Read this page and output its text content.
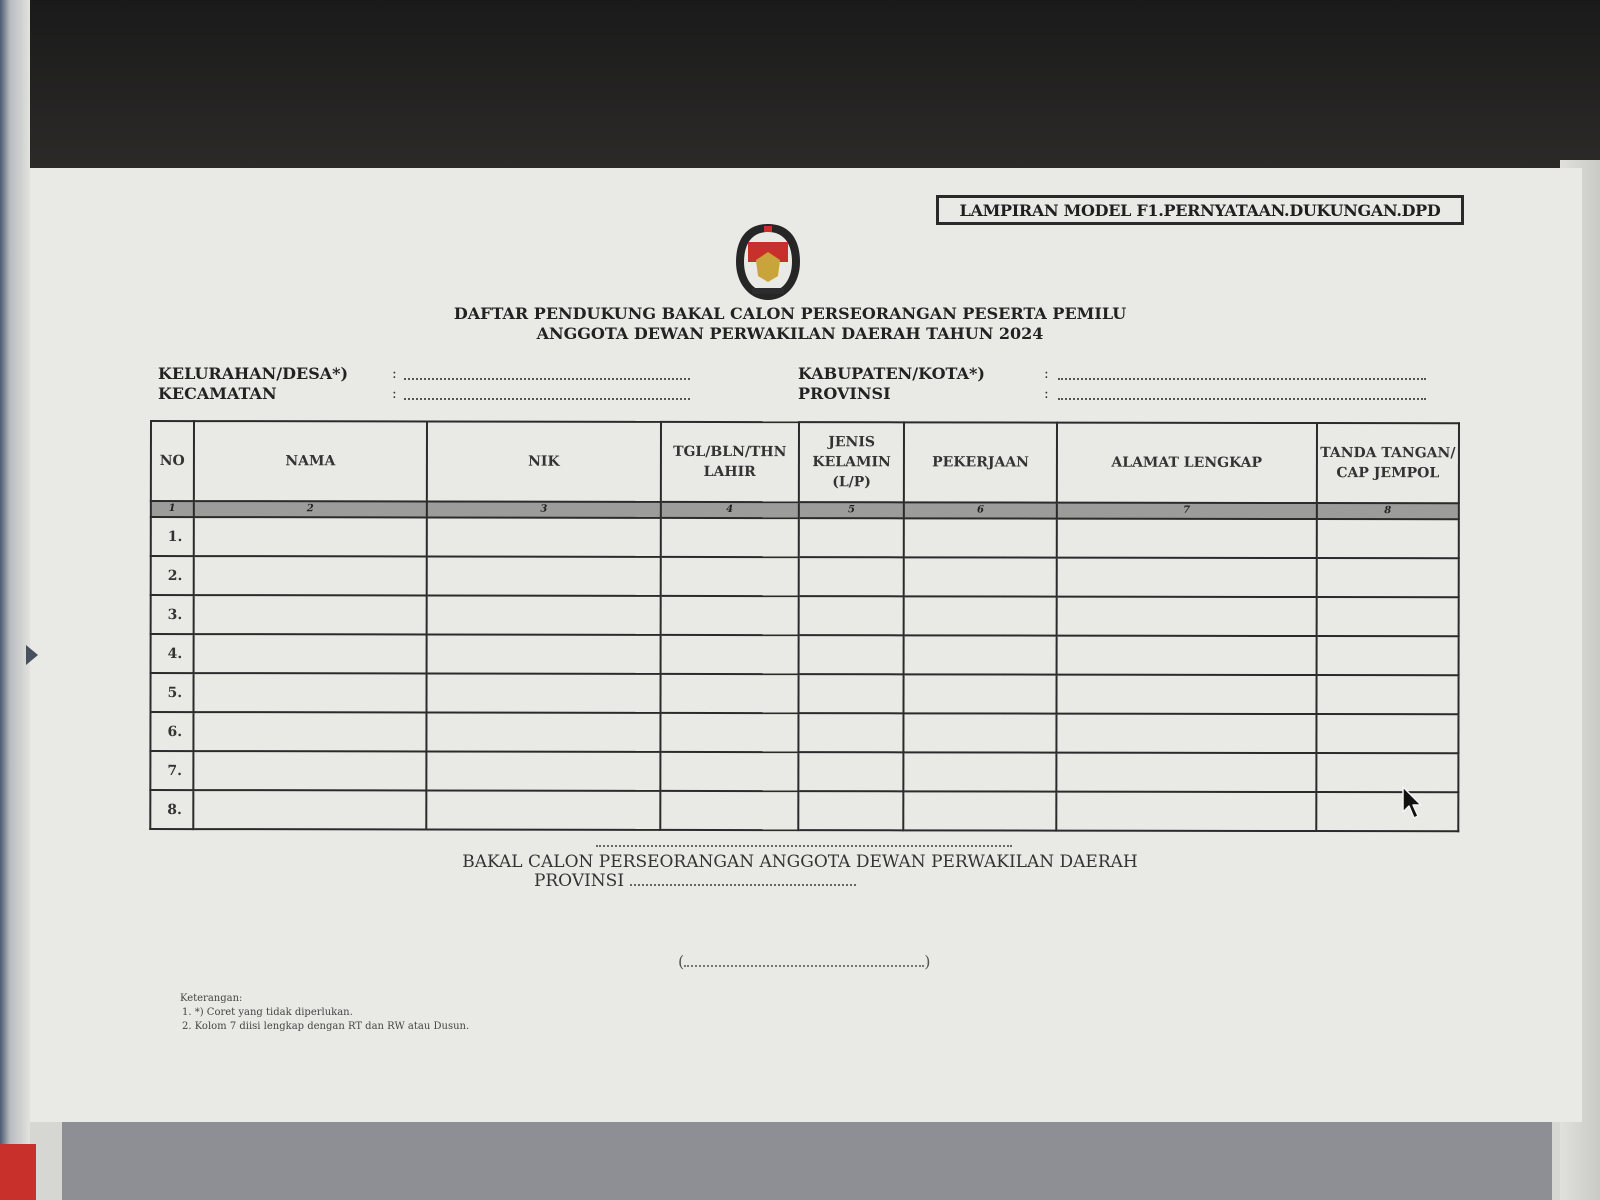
LAMPIRAN MODEL F1.PERNYATAAN.DUKUNGAN.DPD
DAFTAR PENDUKUNG BAKAL CALON PERSEORANGAN PESERTA PEMILU
ANGGOTA DEWAN PERWAKILAN DAERAH TAHUN 2024
KELURAHAN/DESA*)	:
KECAMATAN	:
KABUPATEN/KOTA*)	:
PROVINSI	:
NO	NAMA	NIK	TGL/BLN/THN LAHIR	JENIS KELAMIN (L/P)	PEKERJAAN	ALAMAT LENGKAP	TANDA TANGAN/ CAP JEMPOL
1	2	3	4	5	6	7	8
1.							
2.							
3.							
4.							
5.							
6.							
7.							
8.							
BAKAL CALON PERSEORANGAN ANGGOTA DEWAN PERWAKILAN DAERAH
PROVINSI
(	)
Keterangan:
1. *) Coret yang tidak diperlukan.
2. Kolom 7 diisi lengkap dengan RT dan RW atau Dusun.
